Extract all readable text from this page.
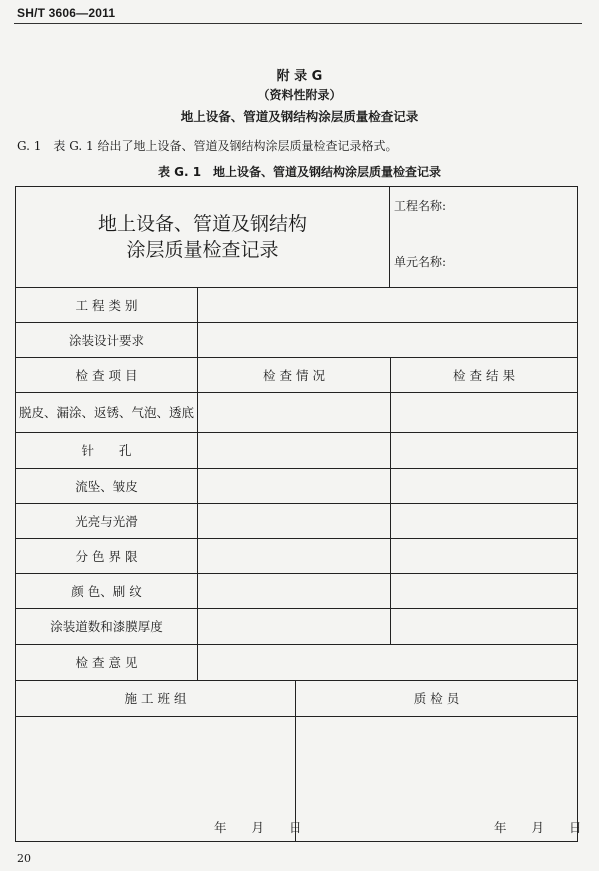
SH/T 3606—2011
附 录 G
（资料性附录）
地上设备、管道及钢结构涂层质量检查记录
G. 1　表 G. 1 给出了地上设备、管道及钢结构涂层质量检查记录格式。
表 G. 1　地上设备、管道及钢结构涂层质量检查记录
地上设备、管道及钢结构
涂层质量检查记录
工程名称:
单元名称:
工 程 类 别
涂装设计要求
检 查 项 目	检 查 情 况	检 查 结 果
脱皮、漏涂、返锈、气泡、透底
针　　孔
流坠、皱皮
光亮与光滑
分 色 界 限
颜 色、刷 纹
涂装道数和漆膜厚度
检 查 意 见
施 工 班 组	质 检 员
年　　月　　日	年　　月　　日
20
